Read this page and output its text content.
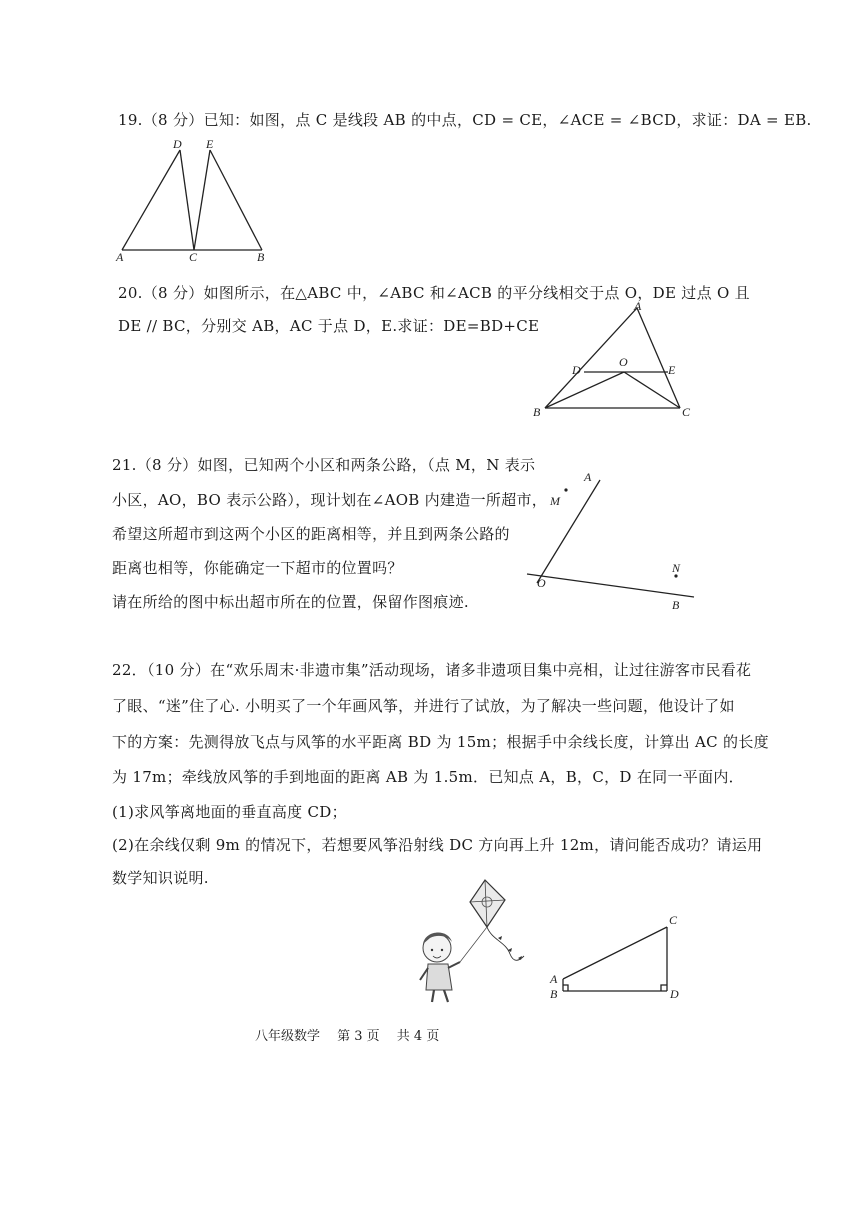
19.（8 分）已知：如图，点 C 是线段 AB 的中点，CD = CE，∠ACE = ∠BCD，求证：DA = EB.
A	C	B
D E
20.（8 分）如图所示，在△ABC 中，∠ABC 和∠ACB 的平分线相交于点 O，DE 过点 O 且
DE // BC，分别交 AB，AC 于点 D，E.求证：DE=BD+CE
A
B	C
D	E
O
21.（8 分）如图，已知两个小区和两条公路，（点 M，N 表示
小区，AO，BO 表示公路），现计划在∠AOB 内建造一所超市，
希望这所超市到这两个小区的距离相等，并且到两条公路的
距离也相等，你能确定一下超市的位置吗？
请在所给的图中标出超市所在的位置，保留作图痕迹.
A
M
N
O
B
22．（10 分）在“欢乐周末·非遗市集”活动现场，诸多非遗项目集中亮相，让过往游客市民看花
了眼、“迷”住了心. 小明买了一个年画风筝，并进行了试放，为了解决一些问题，他设计了如
下的方案：先测得放飞点与风筝的水平距离 BD 为 15m；根据手中余线长度，计算出 AC 的长度
为 17m；牵线放风筝的手到地面的距离 AB 为 1.5m．已知点 A，B，C，D 在同一平面内．
(1)求风筝离地面的垂直高度 CD；
(2)在余线仅剩 9m 的情况下，若想要风筝沿射线 DC 方向再上升 12m，请问能否成功？请运用
数学知识说明.
C
A
B	D
八年级数学　 第 3 页　 共 4 页
